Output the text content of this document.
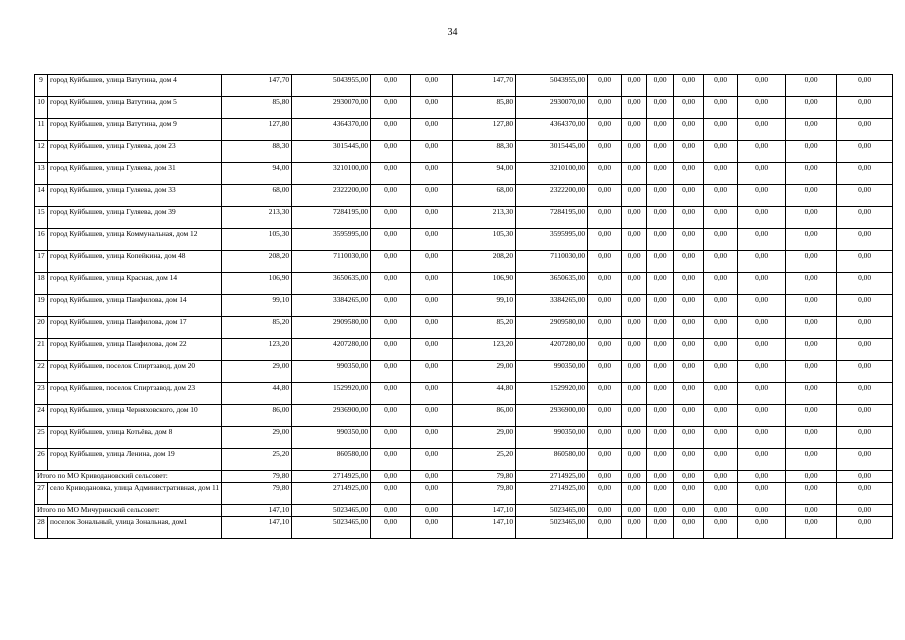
34
9	город Куйбышев, улица Ватутина, дом 4	147,70	5043955,00	0,00	0,00	147,70	5043955,00	0,00	0,00	0,00	0,00	0,00	0,00	0,00	0,00
10	город Куйбышев, улица Ватутина, дом 5	85,80	2930070,00	0,00	0,00	85,80	2930070,00	0,00	0,00	0,00	0,00	0,00	0,00	0,00	0,00
11	город Куйбышев, улица Ватутина, дом 9	127,80	4364370,00	0,00	0,00	127,80	4364370,00	0,00	0,00	0,00	0,00	0,00	0,00	0,00	0,00
12	город Куйбышев, улица Гуляева, дом 23	88,30	3015445,00	0,00	0,00	88,30	3015445,00	0,00	0,00	0,00	0,00	0,00	0,00	0,00	0,00
13	город Куйбышев, улица Гуляева, дом 31	94,00	3210100,00	0,00	0,00	94,00	3210100,00	0,00	0,00	0,00	0,00	0,00	0,00	0,00	0,00
14	город Куйбышев, улица Гуляева, дом 33	68,00	2322200,00	0,00	0,00	68,00	2322200,00	0,00	0,00	0,00	0,00	0,00	0,00	0,00	0,00
15	город Куйбышев, улица Гуляева, дом 39	213,30	7284195,00	0,00	0,00	213,30	7284195,00	0,00	0,00	0,00	0,00	0,00	0,00	0,00	0,00
16	город Куйбышев, улица Коммунальная, дом 12	105,30	3595995,00	0,00	0,00	105,30	3595995,00	0,00	0,00	0,00	0,00	0,00	0,00	0,00	0,00
17	город Куйбышев, улица Копейкина, дом 48	208,20	7110030,00	0,00	0,00	208,20	7110030,00	0,00	0,00	0,00	0,00	0,00	0,00	0,00	0,00
18	город Куйбышев, улица Красная, дом 14	106,90	3650635,00	0,00	0,00	106,90	3650635,00	0,00	0,00	0,00	0,00	0,00	0,00	0,00	0,00
19	город Куйбышев, улица Панфилова, дом 14	99,10	3384265,00	0,00	0,00	99,10	3384265,00	0,00	0,00	0,00	0,00	0,00	0,00	0,00	0,00
20	город Куйбышев, улица Панфилова, дом 17	85,20	2909580,00	0,00	0,00	85,20	2909580,00	0,00	0,00	0,00	0,00	0,00	0,00	0,00	0,00
21	город Куйбышев, улица Панфилова, дом 22	123,20	4207280,00	0,00	0,00	123,20	4207280,00	0,00	0,00	0,00	0,00	0,00	0,00	0,00	0,00
22	город Куйбышев, поселок Спиртзавод, дом 20	29,00	990350,00	0,00	0,00	29,00	990350,00	0,00	0,00	0,00	0,00	0,00	0,00	0,00	0,00
23	город Куйбышев, поселок Спиртзавод, дом 23	44,80	1529920,00	0,00	0,00	44,80	1529920,00	0,00	0,00	0,00	0,00	0,00	0,00	0,00	0,00
24	город Куйбышев, улица Черняховского, дом 10	86,00	2936900,00	0,00	0,00	86,00	2936900,00	0,00	0,00	0,00	0,00	0,00	0,00	0,00	0,00
25	город Куйбышев, улица Котьёва, дом 8	29,00	990350,00	0,00	0,00	29,00	990350,00	0,00	0,00	0,00	0,00	0,00	0,00	0,00	0,00
26	город Куйбышев, улица Ленина, дом 19	25,20	860580,00	0,00	0,00	25,20	860580,00	0,00	0,00	0,00	0,00	0,00	0,00	0,00	0,00
Итого по МО Криводановский сельсовет:		79,80	2714925,00	0,00	0,00	79,80	2714925,00	0,00	0,00	0,00	0,00	0,00	0,00	0,00	0,00
27	село Криводановка, улица Административная, дом 11	79,80	2714925,00	0,00	0,00	79,80	2714925,00	0,00	0,00	0,00	0,00	0,00	0,00	0,00	0,00
Итого по МО Мичуринский сельсовет:		147,10	5023465,00	0,00	0,00	147,10	5023465,00	0,00	0,00	0,00	0,00	0,00	0,00	0,00	0,00
28	поселок Зональный, улица Зональная, дом1	147,10	5023465,00	0,00	0,00	147,10	5023465,00	0,00	0,00	0,00	0,00	0,00	0,00	0,00	0,00
